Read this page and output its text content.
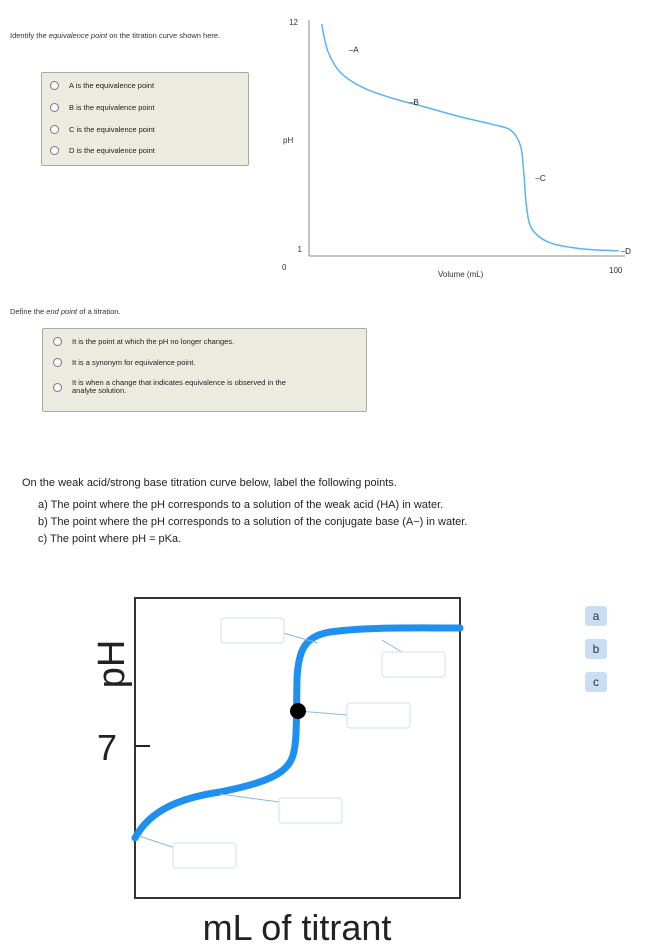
Identify the equivalence point on the titration curve shown here.
A is the equivalence point
B is the equivalence point
C is the equivalence point
D is the equivalence point
12
1
pH
0	100
Volume (mL)
–A
–B
–C
–D
Define the end point of a titration.
It is the point at which the pH no longer changes.
It is a synonym for equivalence point.
It is when a change that indicates equivalence is observed in the analyte solution.
On the weak acid/strong base titration curve below, label the following points.
a) The point where the pH corresponds to a solution of the weak acid (HA) in water.
b) The point where the pH corresponds to a solution of the conjugate base (A−) in water.
c) The point where pH = pKa.
7
pH
mL of titrant
a
b
c
